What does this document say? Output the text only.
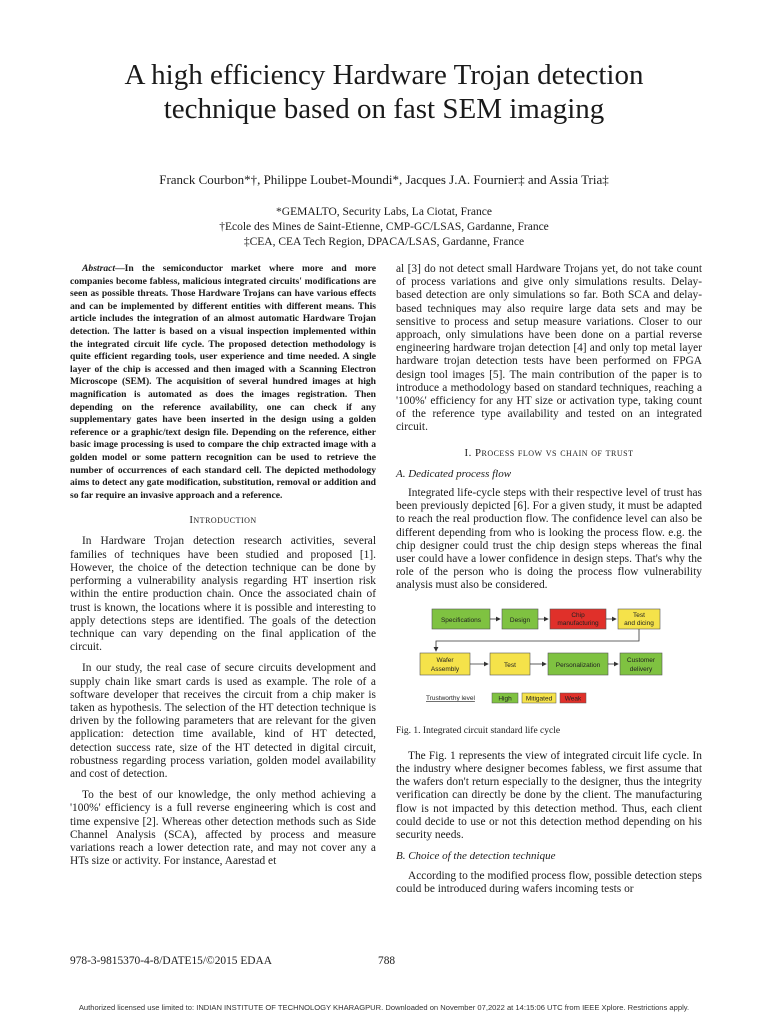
A high efficiency Hardware Trojan detection
technique based on fast SEM imaging
Franck Courbon*†, Philippe Loubet-Moundi*, Jacques J.A. Fournier‡ and Assia Tria‡
*GEMALTO, Security Labs, La Ciotat, France
†Ecole des Mines de Saint-Etienne, CMP-GC/LSAS, Gardanne, France
‡CEA, CEA Tech Region, DPACA/LSAS, Gardanne, France

Abstract—In the semiconductor market where more and more companies become fabless, malicious integrated circuits' modifications are seen as possible threats. Those Hardware Trojans can have various effects and can be implemented by different entities with different means. This article includes the integration of an almost automatic Hardware Trojan detection. The latter is based on a visual inspection implemented within the integrated circuit life cycle. The proposed detection methodology is quite efficient regarding tools, user experience and time needed. A single layer of the chip is accessed and then imaged with a Scanning Electron Microscope (SEM). The acquisition of several hundred images at high magnification is automated as does the images registration. Then depending on the reference availability, one can check if any supplementary gates have been inserted in the design using a golden reference or a graphic/text design file. Depending on the reference, either basic image processing is used to compare the chip extracted image with a golden model or some pattern recognition can be used to retrieve the number of occurrences of each standard cell. The depicted methodology aims to detect any gate modification, substitution, removal or addition and so far require an invasive approach and a reference.

Introduction

In Hardware Trojan detection research activities, several families of techniques have been studied and proposed [1]. However, the choice of the detection technique can be done by performing a vulnerability analysis regarding HT insertion risk within the entire production chain. Once the associated chain of trust is known, the locations where it is possible and interesting to apply detections steps are identified. The goals of the detection technique can vary depending on the final application of the circuit.

In our study, the real case of secure circuits development and supply chain like smart cards is used as example. The role of a software developer that receives the circuit from a chip maker is taken as hypothesis. The selection of the HT detection technique is driven by the following parameters that are relevant for the given application: detection time available, kind of HT detected, detection success rate, size of the HT detected in digital circuit, robustness regarding process variation, golden model availability and cost of detection.

To the best of our knowledge, the only method achieving a '100%' efficiency is a full reverse engineering which is cost and time expensive [2]. Whereas other detection methods such as Side Channel Analysis (SCA), affected by process and measure variations reach a lower detection rate, and may not cover any a HTs size or activity. For instance, Aarestad et

al [3] do not detect small Hardware Trojans yet, do not take count of process variations and give only simulations results. Delay-based detection are only simulations so far. Both SCA and delay-based techniques may also require large data sets and may be sensitive to process and setup measure variations. Closer to our approach, only simulations have been done on a partial reverse engineering hardware trojan detection [4] and only top metal layer hardware trojan detection tests have been performed on FPGA design tool images [5]. The main contribution of the paper is to introduce a methodology based on standard techniques, reaching a '100%' efficiency for any HT size or activation type, taking count of the reference type availability and tested on an integrated circuit.

I. Process flow vs chain of trust
A. Dedicated process flow

Integrated life-cycle steps with their respective level of trust has been previously depicted [6]. For a given study, it must be adapted to reach the real production flow. The confidence level can also be different depending from who is looking the process flow. e.g. the chip designer could trust the chip design steps whereas the final user could have a lower confidence in design steps. That's why the role of the person who is doing the process flow vulnerability analysis must also be considered.

Specifications	Design
Chip
manufacturing
Test
and dicing
Wafer
Assembly
Test	Personalization
Customer
delivery
Trustworthy level	High Mitigated Weak
Fig. 1. Integrated circuit standard life cycle

The Fig. 1 represents the view of integrated circuit life cycle. In the industry where designer becomes fabless, we first assume that the wafers don't return especially to the designer, thus the integrity verification can directly be done by the client. The manufacturing flow is not impacted by this detection method. Thus, each client could decide to use or not this detection method depending on his security needs.

B. Choice of the detection technique

According to the modified process flow, possible detection steps could be introduced during wafers incoming tests or

978-3-9815370-4-8/DATE15/©2015 EDAA	788
Authorized licensed use limited to: INDIAN INSTITUTE OF TECHNOLOGY KHARAGPUR. Downloaded on November 07,2022 at 14:15:06 UTC from IEEE Xplore. Restrictions apply.
